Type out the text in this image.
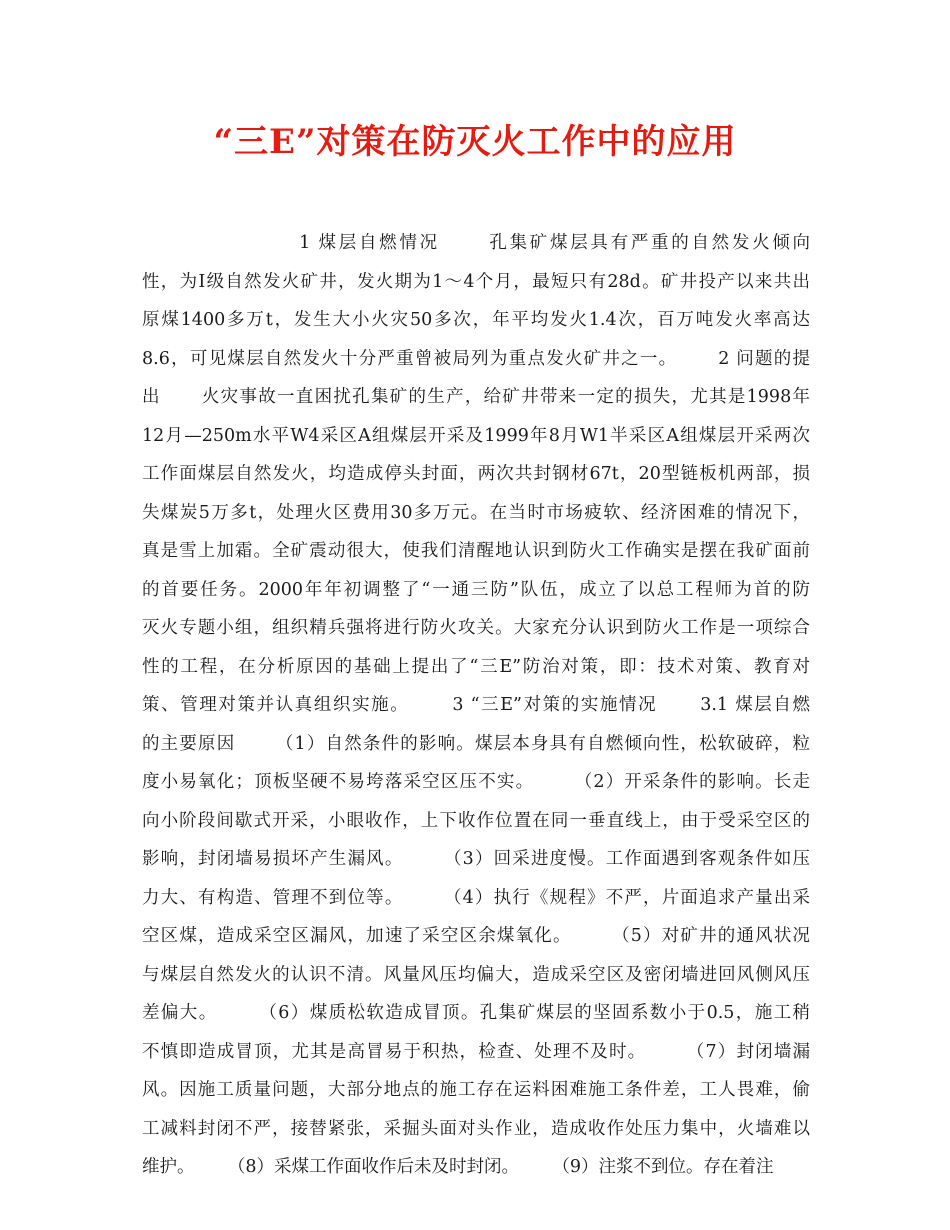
“三E”对策在防灭火工作中的应用
1 煤层自燃情况      孔集矿煤层具有严重的自然发火倾向
性，为Ⅰ级自然发火矿井，发火期为1～4个月，最短只有28d。矿井投产以来共出
原煤1400多万t，发生大小火灾50多次，年平均发火1.4次，百万吨发火率高达
8.6，可见煤层自然发火十分严重曾被局列为重点发火矿井之一。      2 问题的提
出      火灾事故一直困扰孔集矿的生产，给矿井带来一定的损失，尤其是1998年
12月—250m水平W4采区A组煤层开采及1999年8月W1半采区A组煤层开采两次
工作面煤层自然发火，均造成停头封面，两次共封钢材67t，20型链板机两部，损
失煤炭5万多t，处理火区费用30多万元。在当时市场疲软、经济困难的情况下，
真是雪上加霜。全矿震动很大，使我们清醒地认识到防火工作确实是摆在我矿面前
的首要任务。2000年年初调整了“一通三防”队伍，成立了以总工程师为首的防
灭火专题小组，组织精兵强将进行防火攻关。大家充分认识到防火工作是一项综合
性的工程，在分析原因的基础上提出了“三E”防治对策，即：技术对策、教育对
策、管理对策并认真组织实施。      3 “三E”对策的实施情况      3.1 煤层自燃
的主要原因      （1）自然条件的影响。煤层本身具有自燃倾向性，松软破碎，粒
度小易氧化；顶板坚硬不易垮落采空区压不实。      （2）开采条件的影响。长走
向小阶段间歇式开采，小眼收作，上下收作位置在同一垂直线上，由于受采空区的
影响，封闭墙易损坏产生漏风。      （3）回采进度慢。工作面遇到客观条件如压
力大、有构造、管理不到位等。      （4）执行《规程》不严，片面追求产量出采
空区煤，造成采空区漏风，加速了采空区余煤氧化。      （5）对矿井的通风状况
与煤层自然发火的认识不清。风量风压均偏大，造成采空区及密闭墙进回风侧风压
差偏大。      （6）煤质松软造成冒顶。孔集矿煤层的坚固系数小于0.5，施工稍
不慎即造成冒顶，尤其是高冒易于积热，检查、处理不及时。      （7）封闭墙漏
风。因施工质量问题，大部分地点的施工存在运料困难施工条件差，工人畏难，偷
工减料封闭不严，接替紧张，采掘头面对头作业，造成收作处压力集中，火墙难以
维护。      （8）采煤工作面收作后未及时封闭。      （9）注浆不到位。存在着注
